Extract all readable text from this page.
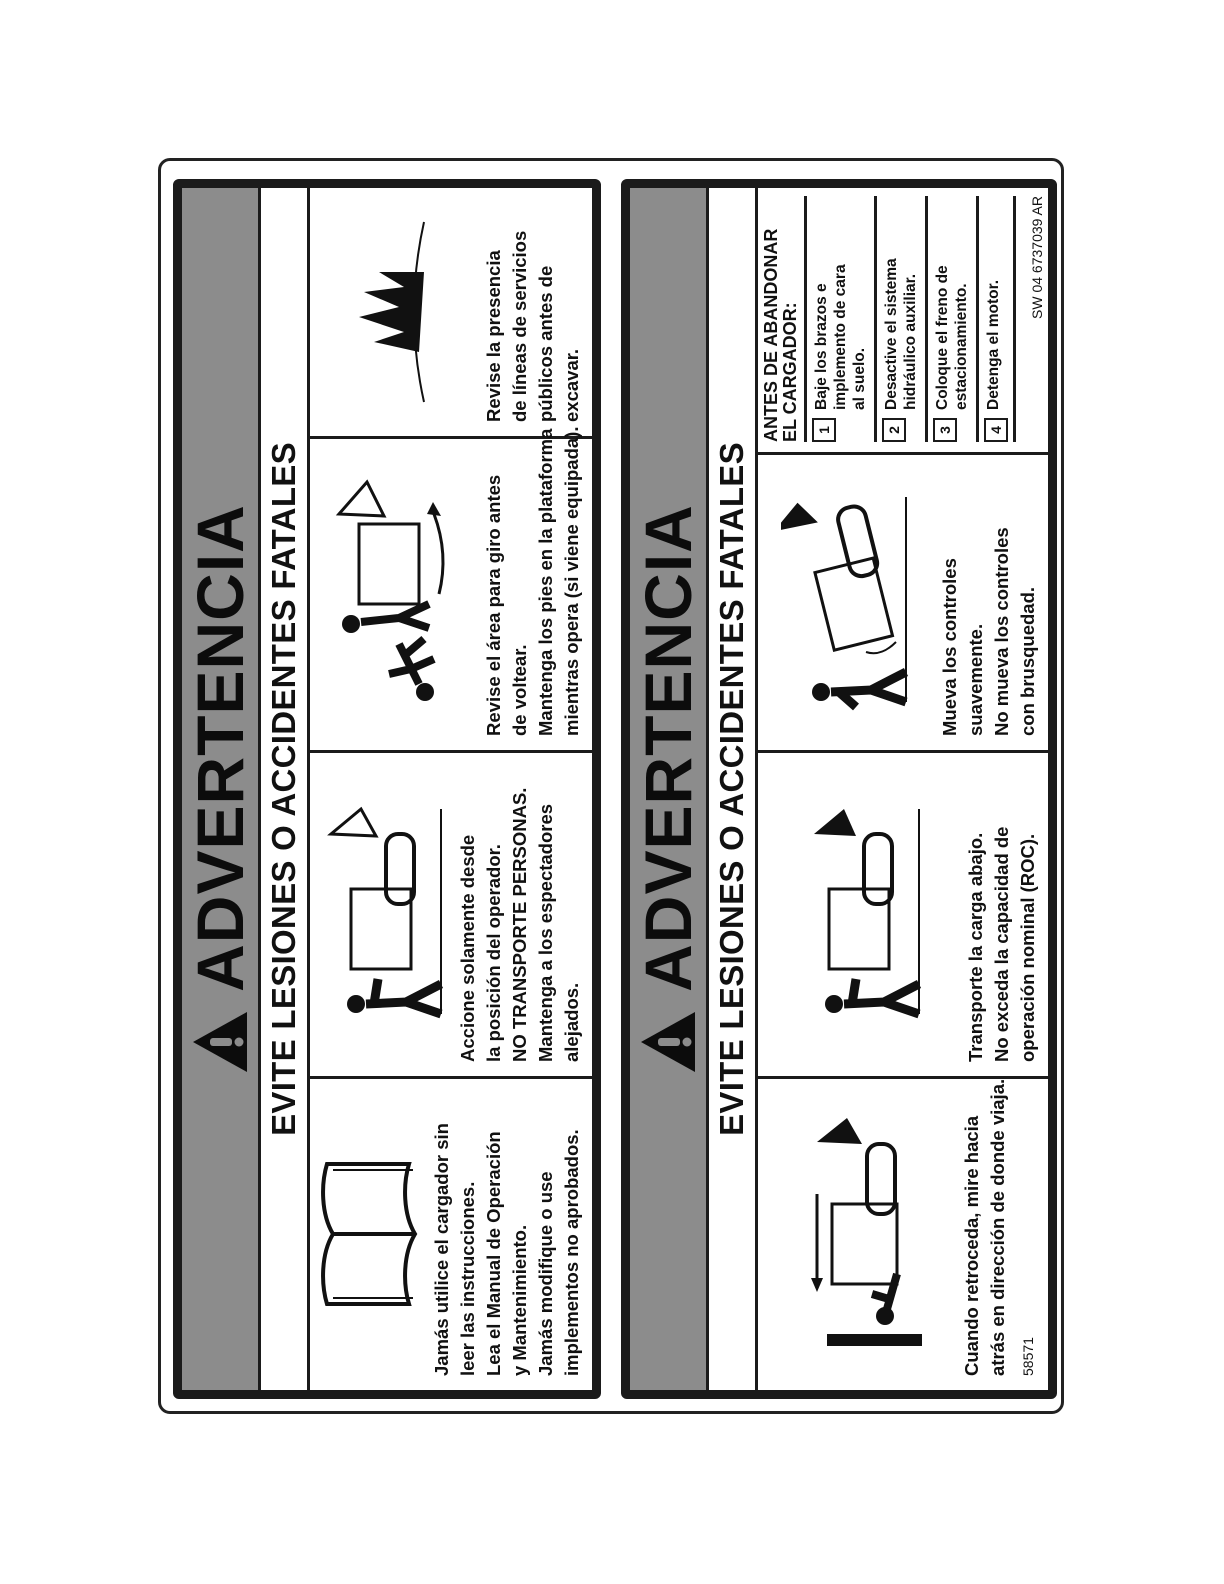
ADVERTENCIA EVITE LESIONES O ACCIDENTES FATALES
Jamás utilice el cargador sin leer las instrucciones. Lea el Manual de Operación y Mantenimiento. Jamás modifique o use implementos no aprobados.
Accione solamente desde la posición del operador. NO TRANSPORTE PERSONAS. Mantenga a los espectadores alejados.
Revise el área para giro antes de voltear. Mantenga los pies en la plataforma mientras opera (si viene equipada).
Revise la presencia de líneas de servicios públicos antes de excavar.
ADVERTENCIA EVITE LESIONES O ACCIDENTES FATALES
Cuando retroceda, mire hacia atrás en dirección de donde viaja. 58571
Transporte la carga abajo. No exceda la capacidad de operación nominal (ROC).
Mueva los controles suavemente. No mueva los controles con brusquedad.
ANTES DE ABANDONAR EL CARGADOR: 1
Baje los brazos e implemento de cara al suelo.
2
Desactive el sistema hidráulico auxiliar.
3
Coloque el freno de estacionamiento.
4
Detenga el motor.
SW 04 6737039 AR
